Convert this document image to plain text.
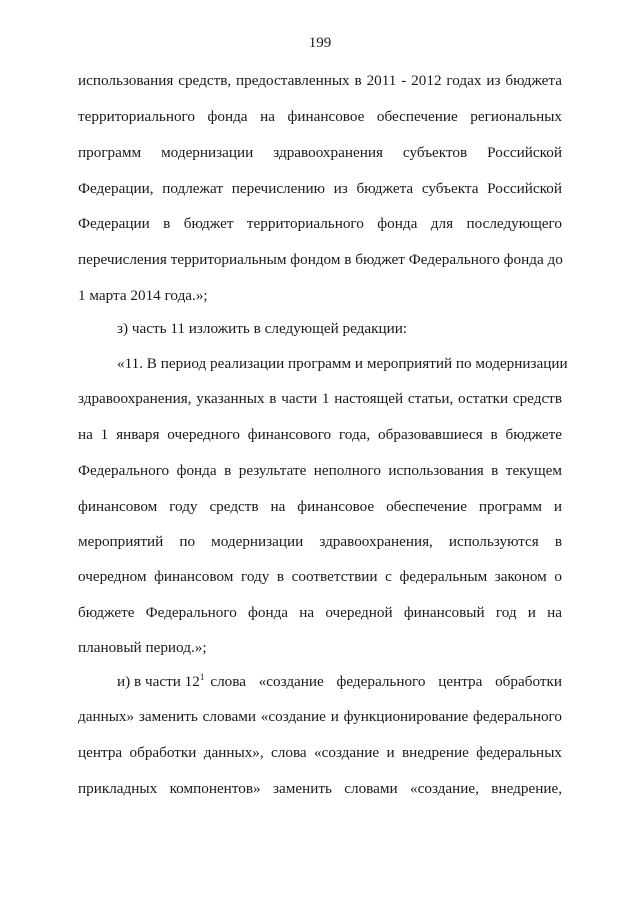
199
использования средств, предоставленных в 2011 - 2012 годах из бюджета
территориального фонда на финансовое обеспечение региональных
программ модернизации здравоохранения субъектов Российской
Федерации, подлежат перечислению из бюджета субъекта Российской
Федерации в бюджет территориального фонда для последующего
перечисления территориальным фондом в бюджет Федерального фонда до
1 марта 2014 года.»;
з) часть 11 изложить в следующей редакции:
«11. В период реализации программ и мероприятий по модернизации
здравоохранения, указанных в части 1 настоящей статьи, остатки средств
на 1 января очередного финансового года, образовавшиеся в бюджете
Федерального фонда в результате неполного использования в текущем
финансовом году средств на финансовое обеспечение программ и
мероприятий по модернизации здравоохранения, используются в
очередном финансовом году в соответствии с федеральным законом о
бюджете Федерального фонда на очередной финансовый год и на
плановый период.»;
и) в части $12^1$ слова «создание федерального центра обработки
данных» заменить словами «создание и функционирование федерального
центра обработки данных», слова «создание и внедрение федеральных
прикладных компонентов» заменить словами «создание, внедрение,
